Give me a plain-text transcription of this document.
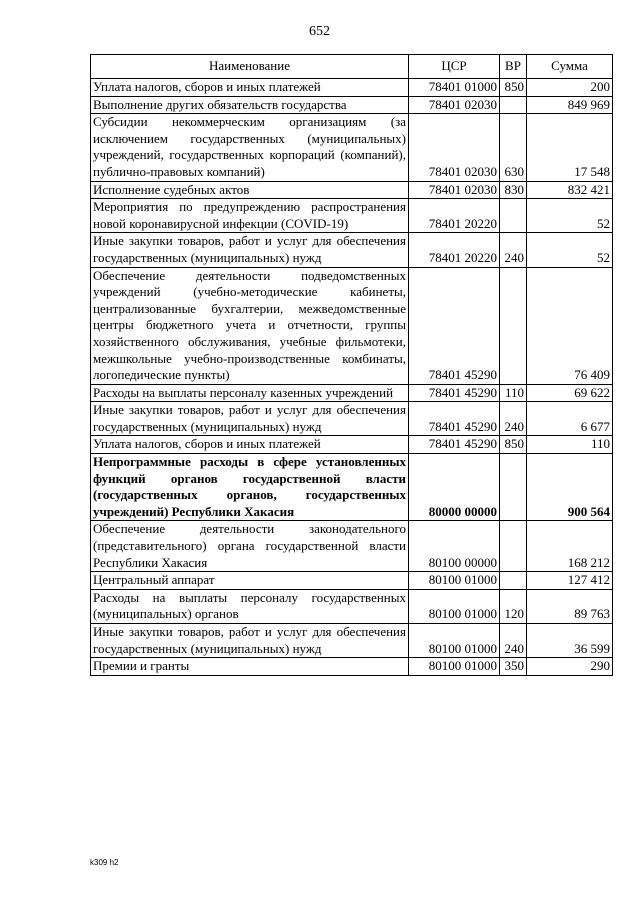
652
Наименование	ЦСР	ВР	Сумма
Уплата налогов, сборов и иных платежей	78401 01000	850	200
Выполнение других обязательств государства	78401 02030		849 969
Субсидии некоммерческим организациям (за исключением государственных (муниципальных) учреждений, государственных корпораций (компаний), публично-правовых компаний)	78401 02030	630	17 548
Исполнение судебных актов	78401 02030	830	832 421
Мероприятия по предупреждению распространения новой коронавирусной инфекции (COVID-19)	78401 20220		52
Иные закупки товаров, работ и услуг для обеспечения государственных (муниципальных) нужд	78401 20220	240	52
Обеспечение деятельности подведомственных учреждений (учебно-методические кабинеты, централизованные бухгалтерии, межведомственные центры бюджетного учета и отчетности, группы хозяйственного обслуживания, учебные фильмотеки, межшкольные учебно-производственные комбинаты, логопедические пункты)	78401 45290		76 409
Расходы на выплаты персоналу казенных учреждений	78401 45290	110	69 622
Иные закупки товаров, работ и услуг для обеспечения государственных (муниципальных) нужд	78401 45290	240	6 677
Уплата налогов, сборов и иных платежей	78401 45290	850	110
Непрограммные расходы в сфере установленных функций органов государственной власти (государственных органов, государственных учреждений) Республики Хакасия	80000 00000		900 564
Обеспечение деятельности законодательного (представительного) органа государственной власти Республики Хакасия	80100 00000		168 212
Центральный аппарат	80100 01000		127 412
Расходы на выплаты персоналу государственных (муниципальных) органов	80100 01000	120	89 763
Иные закупки товаров, работ и услуг для обеспечения государственных (муниципальных) нужд	80100 01000	240	36 599
Премии и гранты	80100 01000	350	290
k309 h2
